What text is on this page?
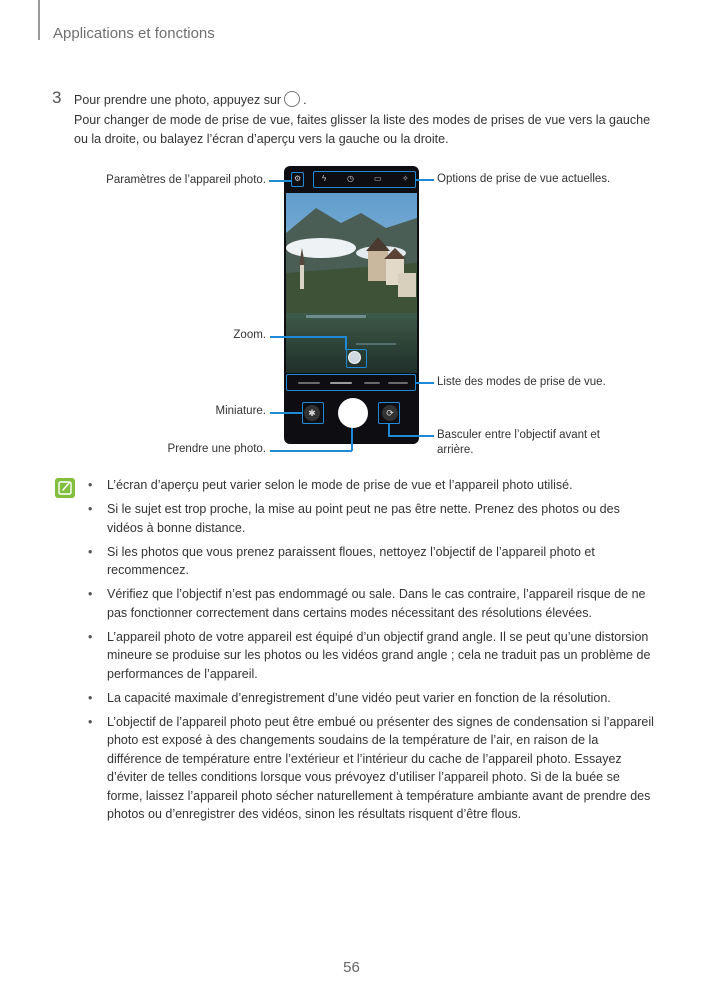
Applications et fonctions
3 Pour prendre une photo, appuyez sur .
Pour changer de mode de prise de vue, faites glisser la liste des modes de prises de vue vers la gauche ou la droite, ou balayez l’écran d’aperçu vers la gauche ou la droite.
⚙	ϟ	◷	▭	✧
✱	⟳
Paramètres de l’appareil photo.	Options de prise de vue actuelles.
Zoom.
Liste des modes de prise de vue.
Miniature.
Basculer entre l’objectif avant et arrière.
Prendre une photo.
• L’écran d’aperçu peut varier selon le mode de prise de vue et l’appareil photo utilisé.
• Si le sujet est trop proche, la mise au point peut ne pas être nette. Prenez des photos ou des vidéos à bonne distance.
• Si les photos que vous prenez paraissent floues, nettoyez l’objectif de l’appareil photo et recommencez.
• Vérifiez que l’objectif n’est pas endommagé ou sale. Dans le cas contraire, l’appareil risque de ne pas fonctionner correctement dans certains modes nécessitant des résolutions élevées.
• L’appareil photo de votre appareil est équipé d’un objectif grand angle. Il se peut qu’une distorsion mineure se produise sur les photos ou les vidéos grand angle ; cela ne traduit pas un problème de performances de l’appareil.
• La capacité maximale d’enregistrement d’une vidéo peut varier en fonction de la résolution.
• L’objectif de l’appareil photo peut être embué ou présenter des signes de condensation si l’appareil photo est exposé à des changements soudains de la température de l’air, en raison de la différence de température entre l’extérieur et l’intérieur du cache de l’appareil photo. Essayez d’éviter de telles conditions lorsque vous prévoyez d’utiliser l’appareil photo. Si de la buée se forme, laissez l’appareil photo sécher naturellement à température ambiante avant de prendre des photos ou d’enregistrer des vidéos, sinon les résultats risquent d’être flous.
56
